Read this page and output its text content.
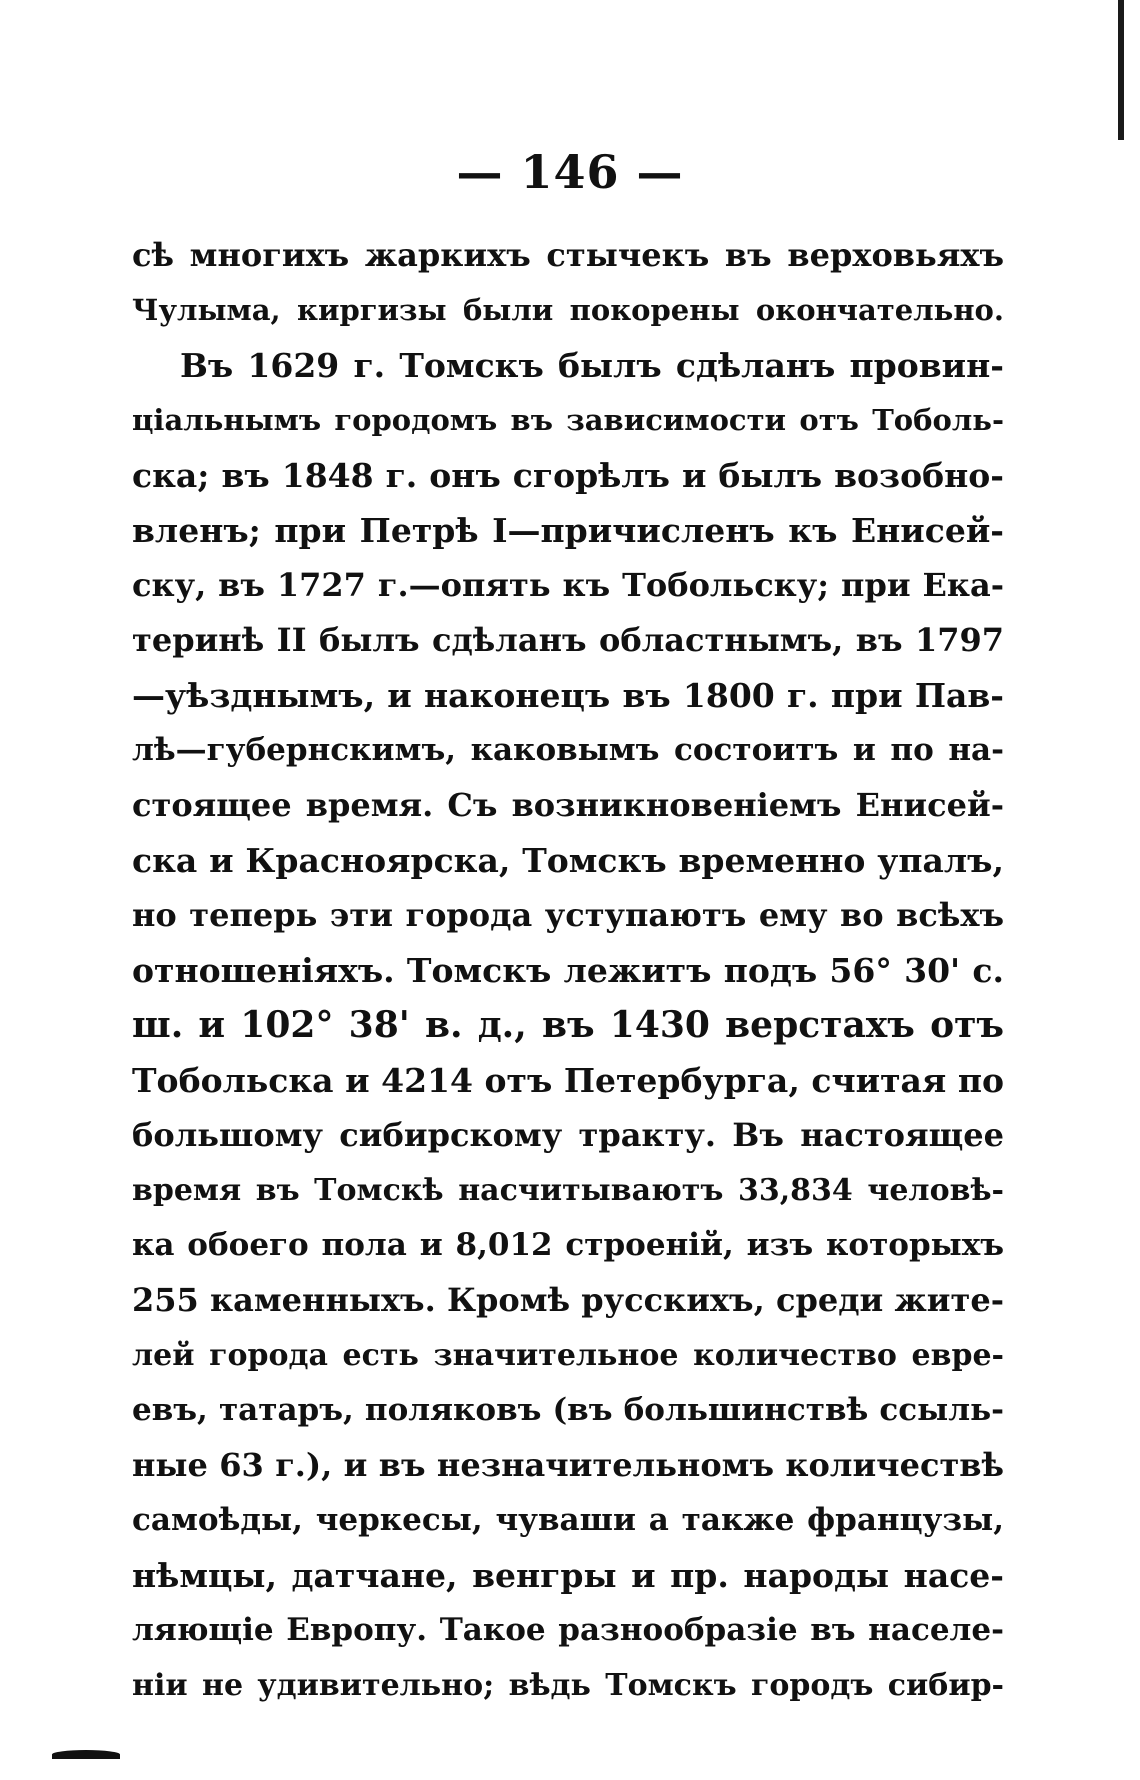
— 146 —
сѣ многихъ жаркихъ стычекъ въ верховьяхъ
Чулыма, киргизы были покорены окончательно.
Въ 1629 г. Томскъ былъ сдѣланъ провин-
ціальнымъ городомъ въ зависимости отъ Тоболь-
ска; въ 1848 г. онъ сгорѣлъ и былъ возобно-
вленъ; при Петрѣ I—причисленъ къ Енисей-
ску, въ 1727 г.—опять къ Тобольску; при Ека-
теринѣ II былъ сдѣланъ областнымъ, въ 1797
—уѣзднымъ, и наконецъ въ 1800 г. при Пав-
лѣ—губернскимъ, каковымъ состоитъ и по на-
стоящее время. Съ возникновеніемъ Енисей-
ска и Красноярска, Томскъ временно упалъ,
но теперь эти города уступаютъ ему во всѣхъ
отношеніяхъ. Томскъ лежитъ подъ 56° 30' с.
ш. и 102° 38' в. д., въ 1430 верстахъ отъ
Тобольска и 4214 отъ Петербурга, считая по
большому сибирскому тракту. Въ настоящее
время въ Томскѣ насчитываютъ 33,834 человѣ-
ка обоего пола и 8,012 строеній, изъ которыхъ
255 каменныхъ. Кромѣ русскихъ, среди жите-
лей города есть значительное количество евре-
евъ, татаръ, поляковъ (въ большинствѣ ссыль-
ные 63 г.), и въ незначительномъ количествѣ
самоѣды, черкесы, чуваши а также французы,
нѣмцы, датчане, венгры и пр. народы насе-
ляющіе Европу. Такое разнообразіе въ населе-
ніи не удивительно; вѣдь Томскъ городъ сибир-
